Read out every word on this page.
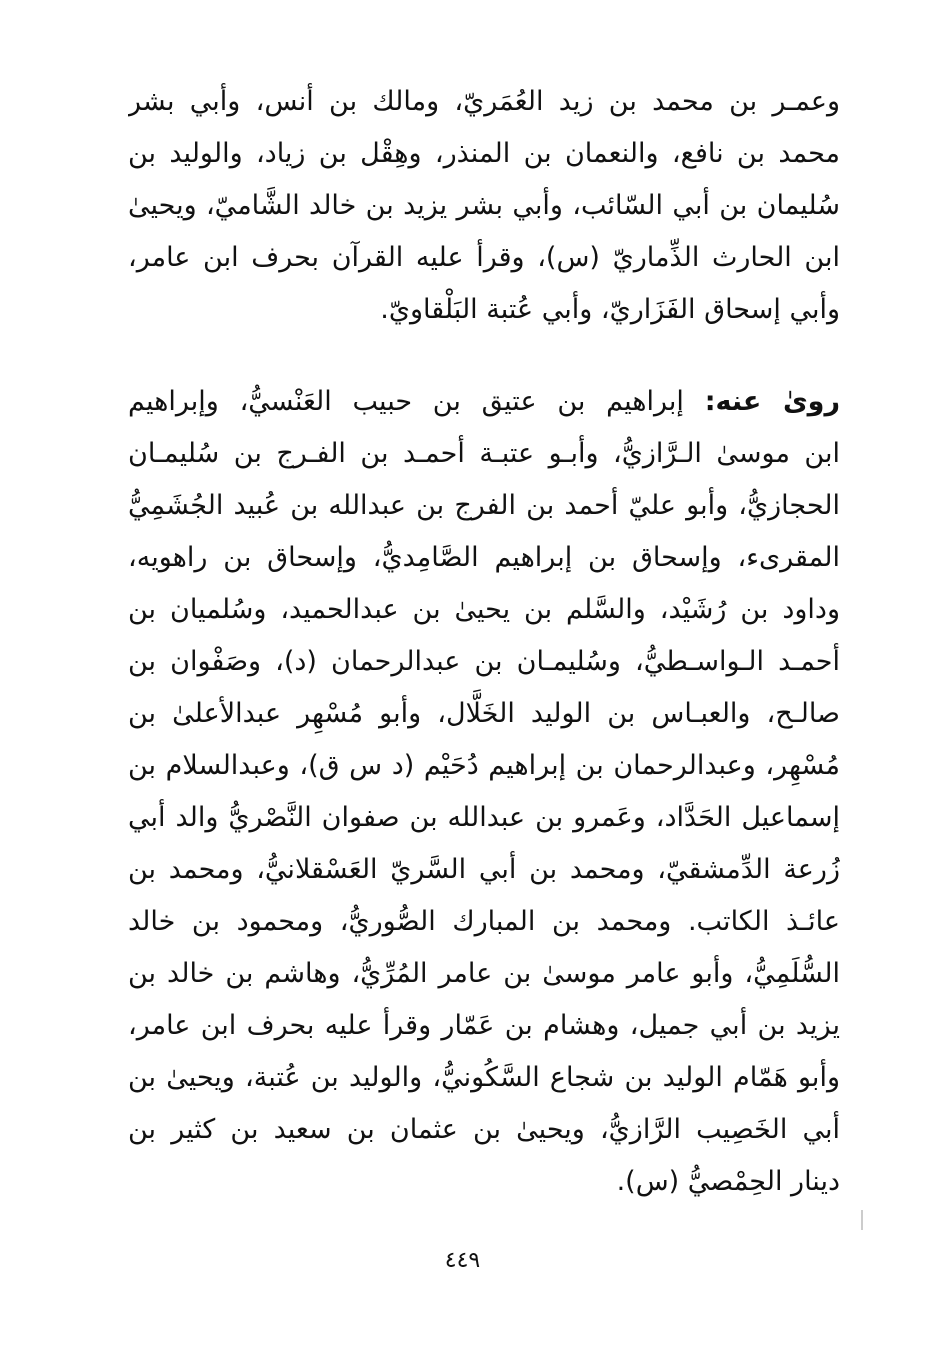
وعمـر بن محمد بن زيد العُمَريّ، ومالك بن أنس، وأبي بشر
محمد بن نافع، والنعمان بن المنذر، وهِقْل بن زياد، والوليد بن
سُليمان بن أبي السّائب، وأبي بشر يزيد بن خالد الشَّاميّ، ويحيىٰ
ابن الحارث الذِّماريّ (س)، وقرأ عليه القرآن بحرف ابن عامر،
وأبي إسحاق الفَزَاريّ، وأبي عُتبة البَلْقاويّ.
روىٰ عنه: إبراهيم بن عتيق بن حبيب العَنْسيُّ، وإبراهيم
ابن موسىٰ الـرَّازيُّ، وأبـو عتبـة أحمـد بن الفـرج بن سُليمـان
الحجازيُّ، وأبو عليّ أحمد بن الفرج بن عبدالله بن عُبيد الجُشَمِيُّ
المقرىء، وإسحاق بن إبراهيم الصَّامِديُّ، وإسحاق بن راهويه،
وداود بن رُشَيْد، والسَّلم بن يحيىٰ بن عبدالحميد، وسُلميان بن
أحمـد الـواسـطيُّ، وسُليمـان بن عبدالرحمان (د)، وصَفْوان بن
صالـح، والعبـاس بن الوليد الخَلَّال، وأبو مُسْهِر عبدالأعلىٰ بن
مُسْهِر، وعبدالرحمان بن إبراهيم دُحَيْم (د س ق)، وعبدالسلام بن
إسماعيل الحَدَّاد، وعَمرو بن عبدالله بن صفوان النَّصْريُّ والد أبي
زُرعة الدِّمشقيّ، ومحمد بن أبي السَّريّ العَسْقلانيُّ، ومحمد بن
عائـذ الكاتب. ومحمد بن المبارك الصُّوريُّ، ومحمود بن خالد
السُّلَمِيُّ، وأبو عامر موسىٰ بن عامر المُرِّيُّ، وهاشم بن خالد بن
يزيد بن أبي جميل، وهشام بن عَمّار وقرأ عليه بحرف ابن عامر،
وأبو هَمّام الوليد بن شجاع السَّكُونيُّ، والوليد بن عُتبة، ويحيىٰ بن
أبي الخَصِيب الرَّازيُّ، ويحيىٰ بن عثمان بن سعيد بن كثير بن
دينار الحِمْصيُّ (س).
٤٤٩
